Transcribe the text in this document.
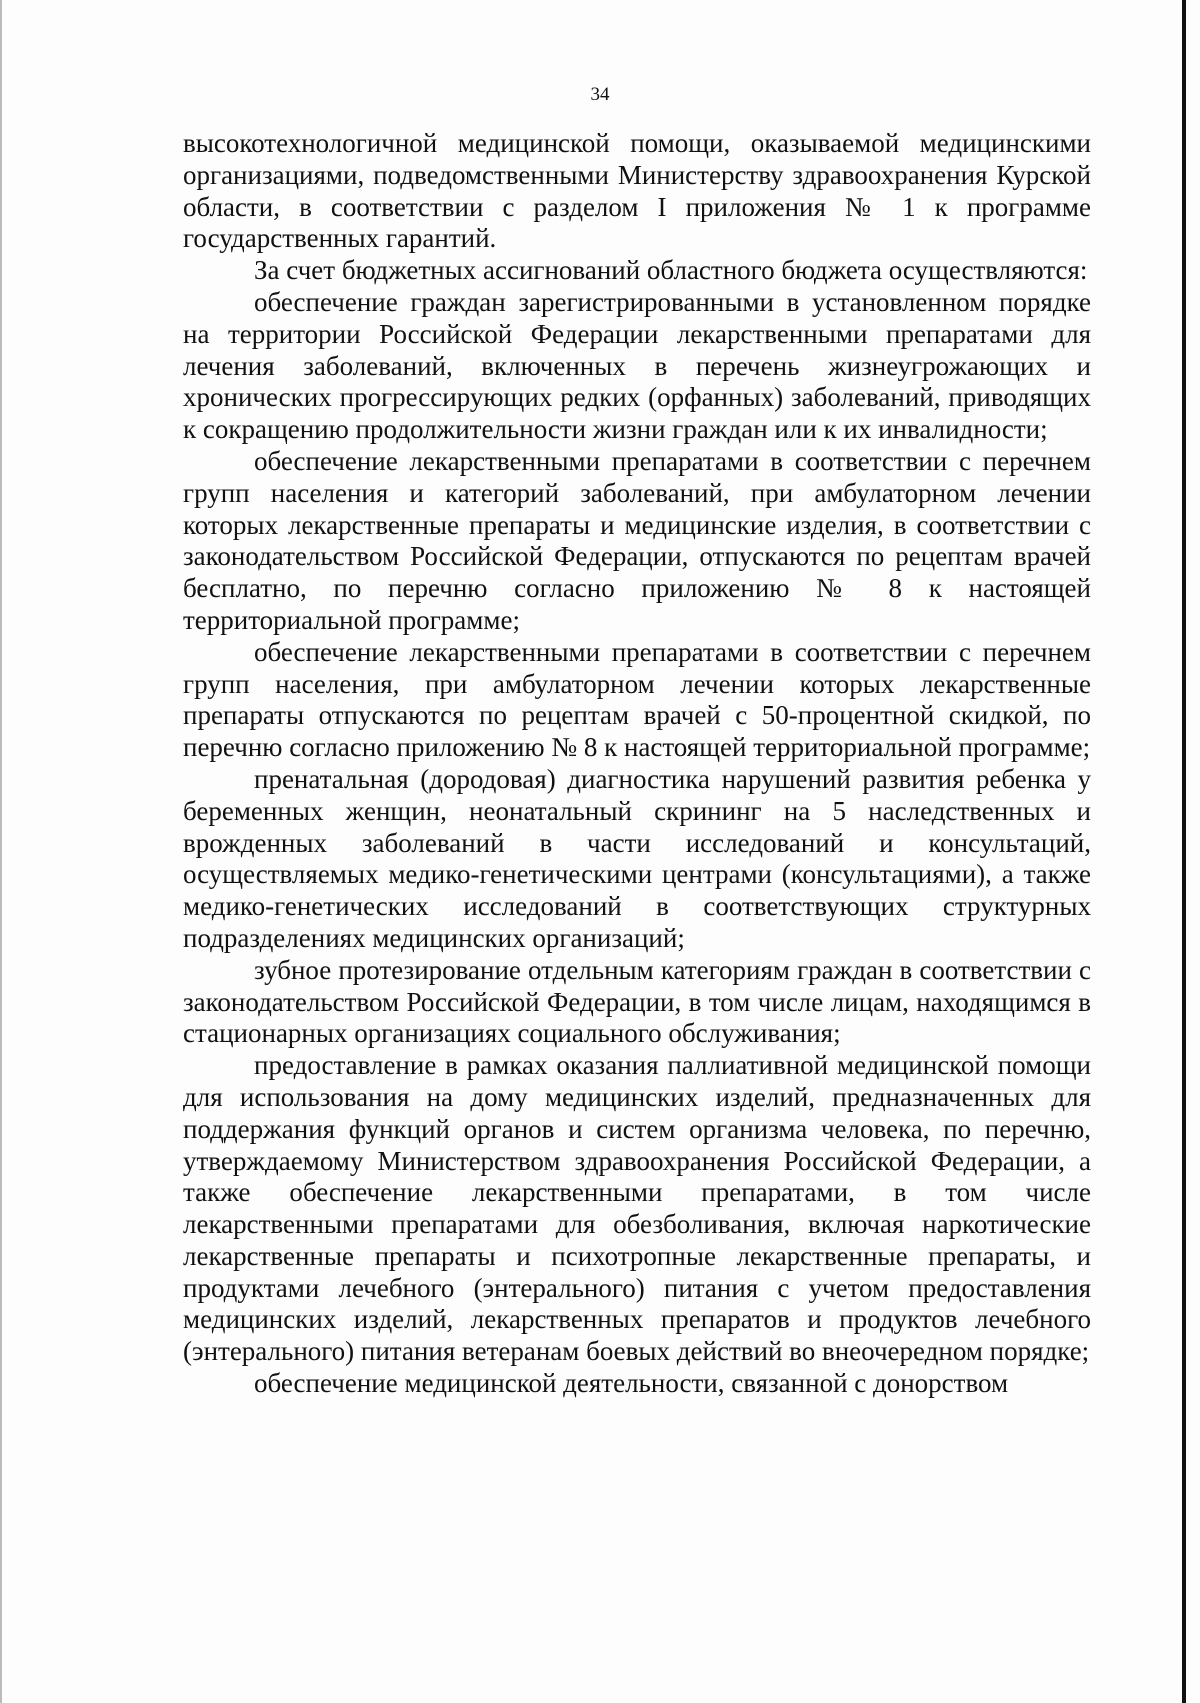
34

высокотехнологичной медицинской помощи, оказываемой медицинскими организациями, подведомственными Министерству здравоохранения Курской области, в соответствии с разделом I приложения № 1 к программе государственных гарантий.

За счет бюджетных ассигнований областного бюджета осуществляются:

обеспечение граждан зарегистрированными в установленном порядке на территории Российской Федерации лекарственными препаратами для лечения заболеваний, включенных в перечень жизнеугрожающих и хронических прогрессирующих редких (орфанных) заболеваний, приводящих к сокращению продолжительности жизни граждан или к их инвалидности;

обеспечение лекарственными препаратами в соответствии с перечнем групп населения и категорий заболеваний, при амбулаторном лечении которых лекарственные препараты и медицинские изделия, в соответствии с законодательством Российской Федерации, отпускаются по рецептам врачей бесплатно, по перечню согласно приложению № 8 к настоящей территориальной программе;

обеспечение лекарственными препаратами в соответствии с перечнем групп населения, при амбулаторном лечении которых лекарственные препараты отпускаются по рецептам врачей с 50-процентной скидкой, по перечню согласно приложению № 8 к настоящей территориальной программе;

пренатальная (дородовая) диагностика нарушений развития ребенка у беременных женщин, неонатальный скрининг на 5 наследственных и врожденных заболеваний в части исследований и консультаций, осуществляемых медико-генетическими центрами (консультациями), а также медико-генетических исследований в соответствующих структурных подразделениях медицинских организаций;

зубное протезирование отдельным категориям граждан в соответствии с законодательством Российской Федерации, в том числе лицам, находящимся в стационарных организациях социального обслуживания;

предоставление в рамках оказания паллиативной медицинской помощи для использования на дому медицинских изделий, предназначенных для поддержания функций органов и систем организма человека, по перечню, утверждаемому Министерством здравоохранения Российской Федерации, а также обеспечение лекарственными препаратами, в том числе лекарственными препаратами для обезболивания, включая наркотические лекарственные препараты и психотропные лекарственные препараты, и продуктами лечебного (энтерального) питания с учетом предоставления медицинских изделий, лекарственных препаратов и продуктов лечебного (энтерального) питания ветеранам боевых действий во внеочередном порядке;

обеспечение медицинской деятельности, связанной с донорством
